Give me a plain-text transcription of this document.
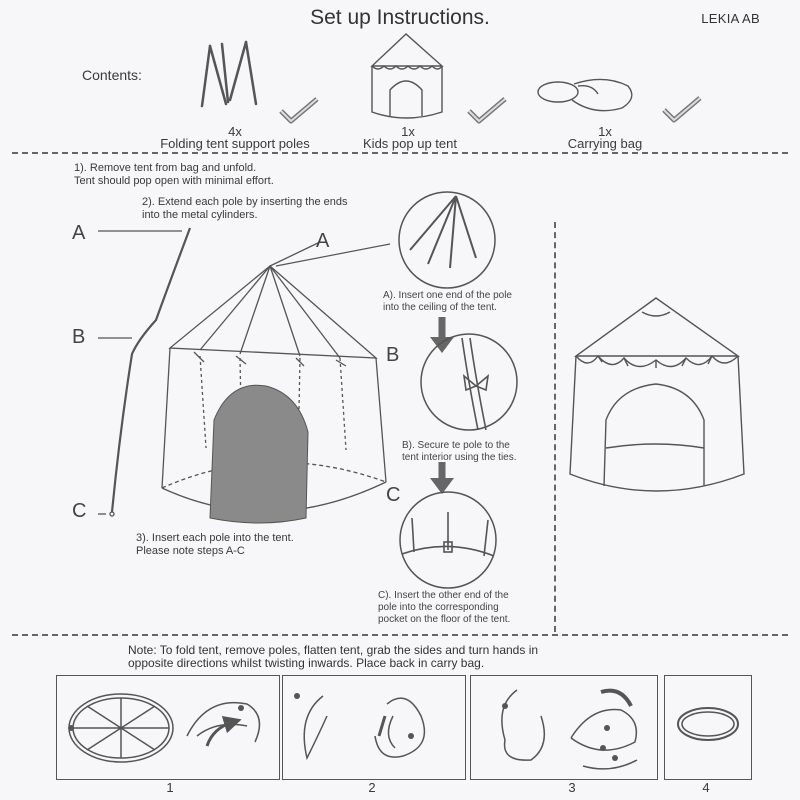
Set up Instructions.	LEKIA AB
Contents:
4x
Folding tent support poles
1x
Kids pop up tent
1x
Carrying bag
1). Remove tent from bag and unfold.
Tent should pop open with minimal effort.
2). Extend each pole by inserting the ends
into the metal cylinders.
3). Insert each pole into the tent.
Please note steps A-C
A
B
C
A
A). Insert one end of the pole
into the ceiling of the tent.
B
B). Secure te pole to the
tent interior using the ties.
C
C). Insert the other end of the
pole into the corresponding
pocket on the floor of the tent.
Note: To fold tent, remove poles, flatten tent, grab the sides and turn hands in
opposite directions whilst twisting inwards. Place back in carry bag.
1	2	3	4
